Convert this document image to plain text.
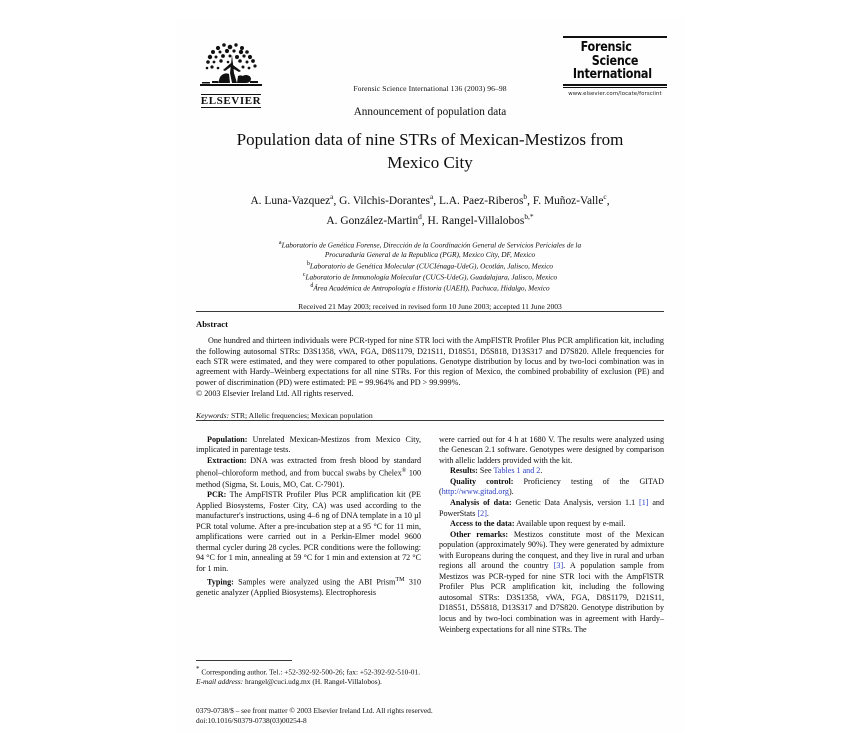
ELSEVIER
Forensic Science International 136 (2003) 96–98
Forensic
Science
International
www.elsevier.com/locate/forsciint
Announcement of population data
Population data of nine STRs of Mexican-Mestizos from Mexico City
A. Luna-Vazquez$^a$, G. Vilchis-Dorantes$^a$, L.A. Paez-Riberos$^b$, F. Muñoz-Valle$^c$,
A. González-Martin$^d$, H. Rangel-Villalobos$^{b,*}$
$^a$Laboratorio de Genética Forense, Dirección de la Coordinación General de Servicios Periciales de la
Procuraduría General de la Republica (PGR), Mexico City, DF, Mexico
$^b$Laboratorio de Genética Molecular (CUCIénaga-UdeG), Ocotlán, Jalisco, Mexico
$^c$Laboratorio de Inmunología Molecular (CUCS-UdeG), Guadalajara, Jalisco, Mexico
$^d$Área Académica de Antropología e Historia (UAEH), Pachuca, Hidalgo, Mexico
Received 21 May 2003; received in revised form 10 June 2003; accepted 11 June 2003
Abstract
One hundred and thirteen individuals were PCR-typed for nine STR loci with the AmpFlSTR Profiler Plus PCR amplification kit, including the following autosomal STRs: D3S1358, vWA, FGA, D8S1179, D21S11, D18S51, D5S818, D13S317 and D7S820. Allele frequencies for each STR were estimated, and they were compared to other populations. Genotype distribution by locus and by two-loci combination was in agreement with Hardy–Weinberg expectations for all nine STRs. For this region of Mexico, the combined probability of exclusion (PE) and power of discrimination (PD) were estimated: PE = 99.964% and PD > 99.999%.
© 2003 Elsevier Ireland Ltd. All rights reserved.
Keywords: STR; Allelic frequencies; Mexican population

Population: Unrelated Mexican-Mestizos from Mexico City, implicated in parentage tests.

Extraction: DNA was extracted from fresh blood by standard phenol–chloroform method, and from buccal swabs by Chelex® 100 method (Sigma, St. Louis, MO, Cat. C-7901).

PCR: The AmpFlSTR Profiler Plus PCR amplification kit (PE Applied Biosystems, Foster City, CA) was used according to the manufacturer's instructions, using 4–6 ng of DNA template in a 10 µl PCR total volume. After a pre-incubation step at a 95 °C for 11 min, amplifications were carried out in a Perkin-Elmer model 9600 thermal cycler during 28 cycles. PCR conditions were the following: 94 °C for 1 min, annealing at 59 °C for 1 min and extension at 72 °C for 1 min.

Typing: Samples were analyzed using the ABI Prism™ 310 genetic analyzer (Applied Biosystems). Electrophoresis

were carried out for 4 h at 1680 V. The results were analyzed using the Genescan 2.1 software. Genotypes were designed by comparison with allelic ladders provided with the kit.

Results: See Tables 1 and 2.

Quality control: Proficiency testing of the GITAD (http://www.gitad.org).

Analysis of data: Genetic Data Analysis, version 1.1 [1] and PowerStats [2].

Access to the data: Available upon request by e-mail.

Other remarks: Mestizos constitute most of the Mexican population (approximately 90%). They were generated by admixture with Europeans during the conquest, and they live in rural and urban regions all around the country [3]. A population sample from Mestizos was PCR-typed for nine STR loci with the AmpFlSTR Profiler Plus PCR amplification kit, including the following autosomal STRs: D3S1358, vWA, FGA, D8S1179, D21S11, D18S51, D5S818, D13S317 and D7S820. Genotype distribution by locus and by two-loci combination was in agreement with Hardy–Weinberg expectations for all nine STRs. The

* Corresponding author. Tel.: +52-392-92-500-26; fax: +52-392-92-510-01.
E-mail address: hrangel@cuci.udg.mx (H. Rangel-Villalobos).
0379-0738/$ – see front matter © 2003 Elsevier Ireland Ltd. All rights reserved.
doi:10.1016/S0379-0738(03)00254-8
